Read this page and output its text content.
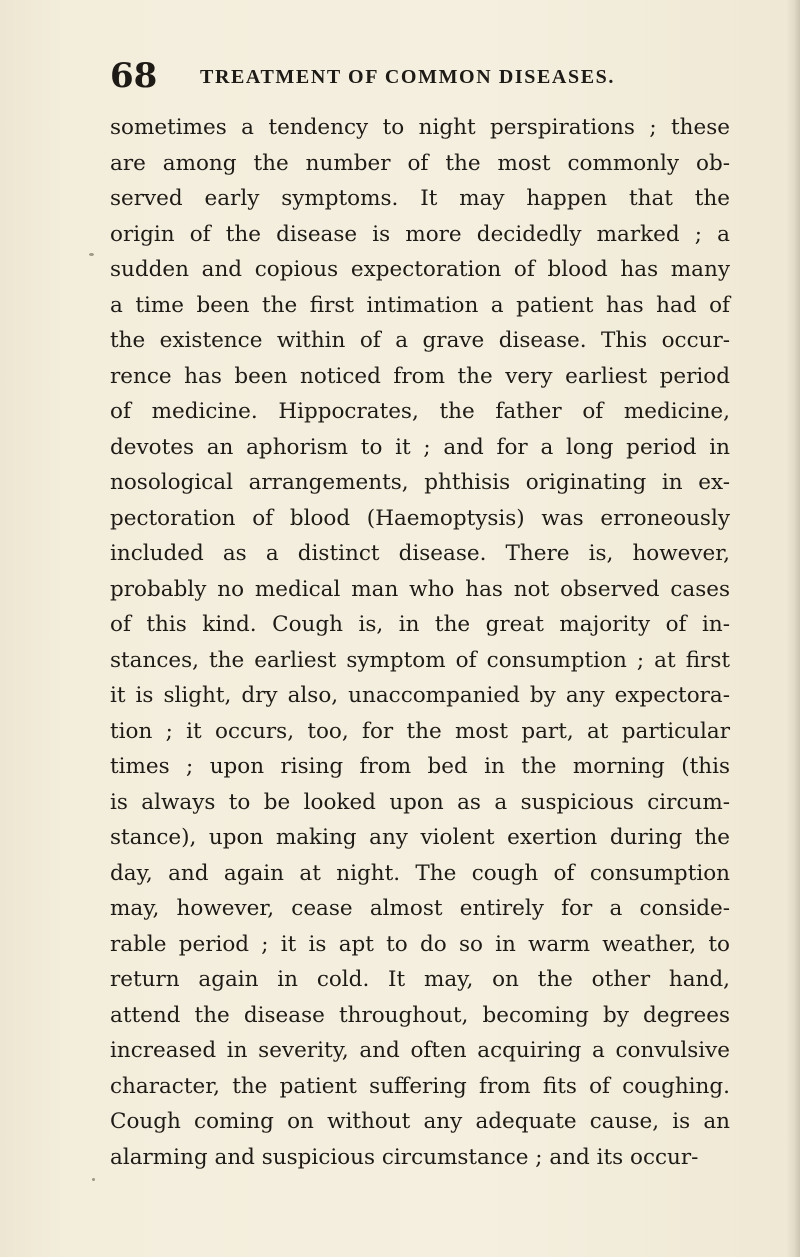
68 TREATMENT OF COMMON DISEASES.
sometimes a tendency to night perspirations ; these
are among the number of the most commonly ob-
served early symptoms. It may happen that the
origin of the disease is more decidedly marked ; a
sudden and copious expectoration of blood has many
a time been the first intimation a patient has had of
the existence within of a grave disease. This occur-
rence has been noticed from the very earliest period
of medicine. Hippocrates, the father of medicine,
devotes an aphorism to it ; and for a long period in
nosological arrangements, phthisis originating in ex-
pectoration of blood (Haemoptysis) was erroneously
included as a distinct disease. There is, however,
probably no medical man who has not observed cases
of this kind. Cough is, in the great majority of in-
stances, the earliest symptom of consumption ; at first
it is slight, dry also, unaccompanied by any expectora-
tion ; it occurs, too, for the most part, at particular
times ; upon rising from bed in the morning (this
is always to be looked upon as a suspicious circum-
stance), upon making any violent exertion during the
day, and again at night. The cough of consumption
may, however, cease almost entirely for a conside-
rable period ; it is apt to do so in warm weather, to
return again in cold. It may, on the other hand,
attend the disease throughout, becoming by degrees
increased in severity, and often acquiring a convulsive
character, the patient suffering from fits of coughing.
Cough coming on without any adequate cause, is an
alarming and suspicious circumstance ; and its occur-
